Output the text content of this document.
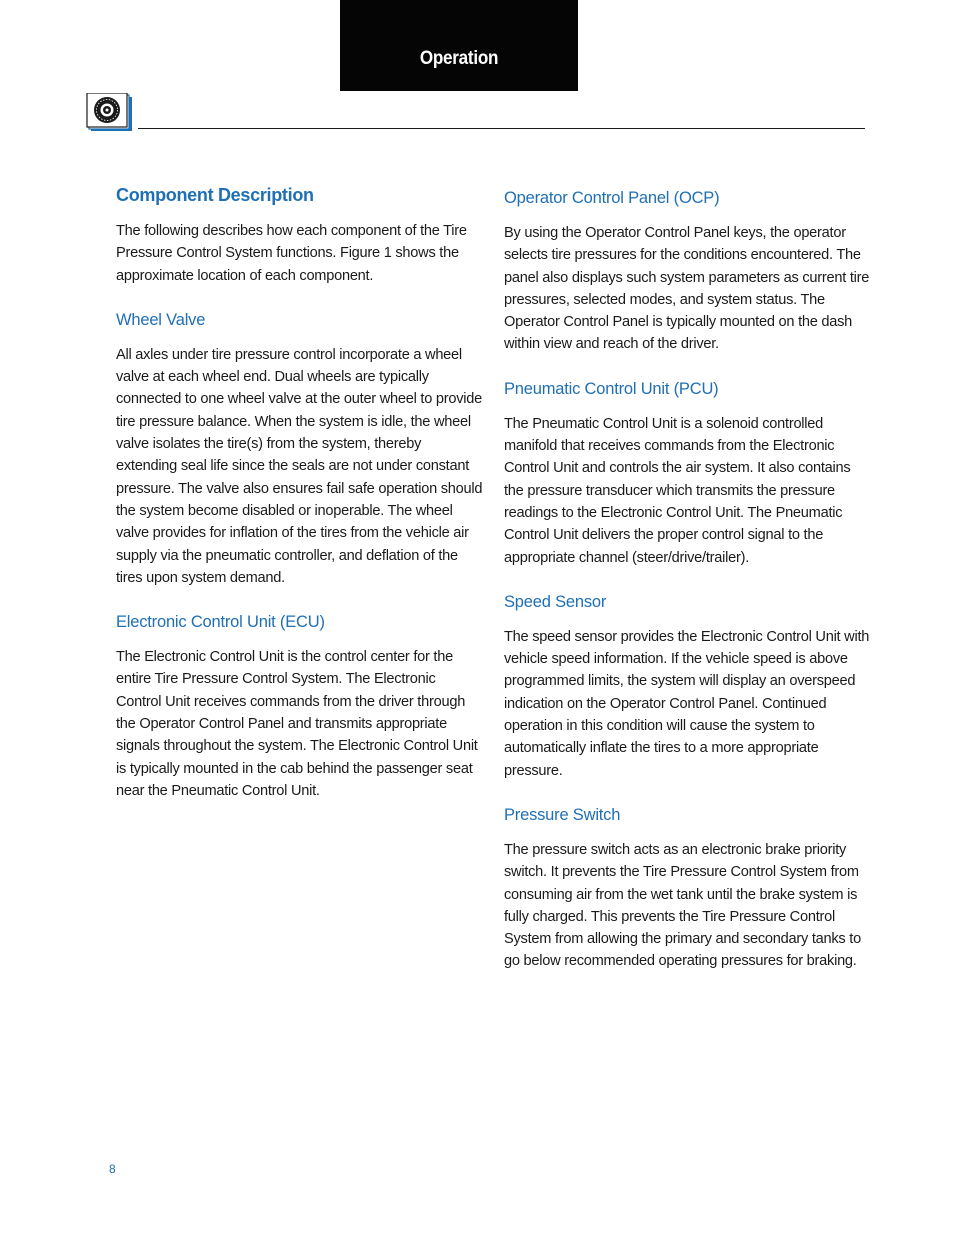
Operation
Component Description

The following describes how each component of the Tire Pressure Control System functions. Figure 1 shows the approximate location of each component.

Wheel Valve

All axles under tire pressure control incorporate a wheel valve at each wheel end. Dual wheels are typically connected to one wheel valve at the outer wheel to provide tire pressure balance. When the system is idle, the wheel valve isolates the tire(s) from the system, thereby extending seal life since the seals are not under constant pressure. The valve also ensures fail safe operation should the system become disabled or inoperable. The wheel valve provides for inflation of the tires from the vehicle air supply via the pneumatic controller, and deflation of the tires upon system demand.

Electronic Control Unit (ECU)

The Electronic Control Unit is the control center for the entire Tire Pressure Control System. The Electronic Control Unit receives commands from the driver through the Operator Control Panel and transmits appropriate signals throughout the system. The Electronic Control Unit is typically mounted in the cab behind the passenger seat near the Pneumatic Control Unit.

Operator Control Panel (OCP)

By using the Operator Control Panel keys, the operator selects tire pressures for the conditions encountered. The panel also displays such system parameters as current tire pressures, selected modes, and system status. The Operator Control Panel is typically mounted on the dash within view and reach of the driver.

Pneumatic Control Unit (PCU)

The Pneumatic Control Unit is a solenoid controlled manifold that receives commands from the Electronic Control Unit and controls the air system. It also contains the pressure transducer which transmits the pressure readings to the Electronic Control Unit. The Pneumatic Control Unit delivers the proper control signal to the appropriate channel (steer/drive/trailer).

Speed Sensor

The speed sensor provides the Electronic Control Unit with vehicle speed information. If the vehicle speed is above programmed limits, the system will display an overspeed indication on the Operator Control Panel. Continued operation in this condition will cause the system to automatically inflate the tires to a more appropriate pressure.

Pressure Switch

The pressure switch acts as an electronic brake priority switch. It prevents the Tire Pressure Control System from consuming air from the wet tank until the brake system is fully charged. This prevents the Tire Pressure Control System from allowing the primary and secondary tanks to go below recommended operating pressures for braking.

8
